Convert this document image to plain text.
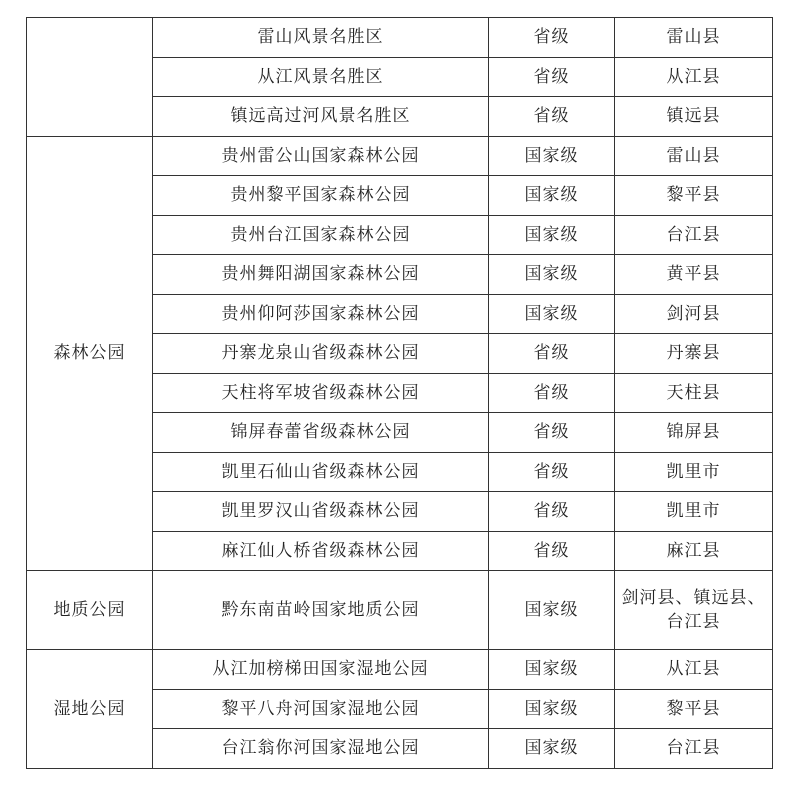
	雷山风景名胜区	省级	雷山县
	从江风景名胜区	省级	从江县
	镇远高过河风景名胜区	省级	镇远县
森林公园	贵州雷公山国家森林公园	国家级	雷山县
	贵州黎平国家森林公园	国家级	黎平县
	贵州台江国家森林公园	国家级	台江县
	贵州舞阳湖国家森林公园	国家级	黄平县
	贵州仰阿莎国家森林公园	国家级	剑河县
	丹寨龙泉山省级森林公园	省级	丹寨县
	天柱将军坡省级森林公园	省级	天柱县
	锦屏春蕾省级森林公园	省级	锦屏县
	凯里石仙山省级森林公园	省级	凯里市
	凯里罗汉山省级森林公园	省级	凯里市
	麻江仙人桥省级森林公园	省级	麻江县
地质公园	黔东南苗岭国家地质公园	国家级	剑河县、镇远县、
台江县

湿地公园	从江加榜梯田国家湿地公园	国家级	从江县
	黎平八舟河国家湿地公园	国家级	黎平县
	台江翁你河国家湿地公园	国家级	台江县
